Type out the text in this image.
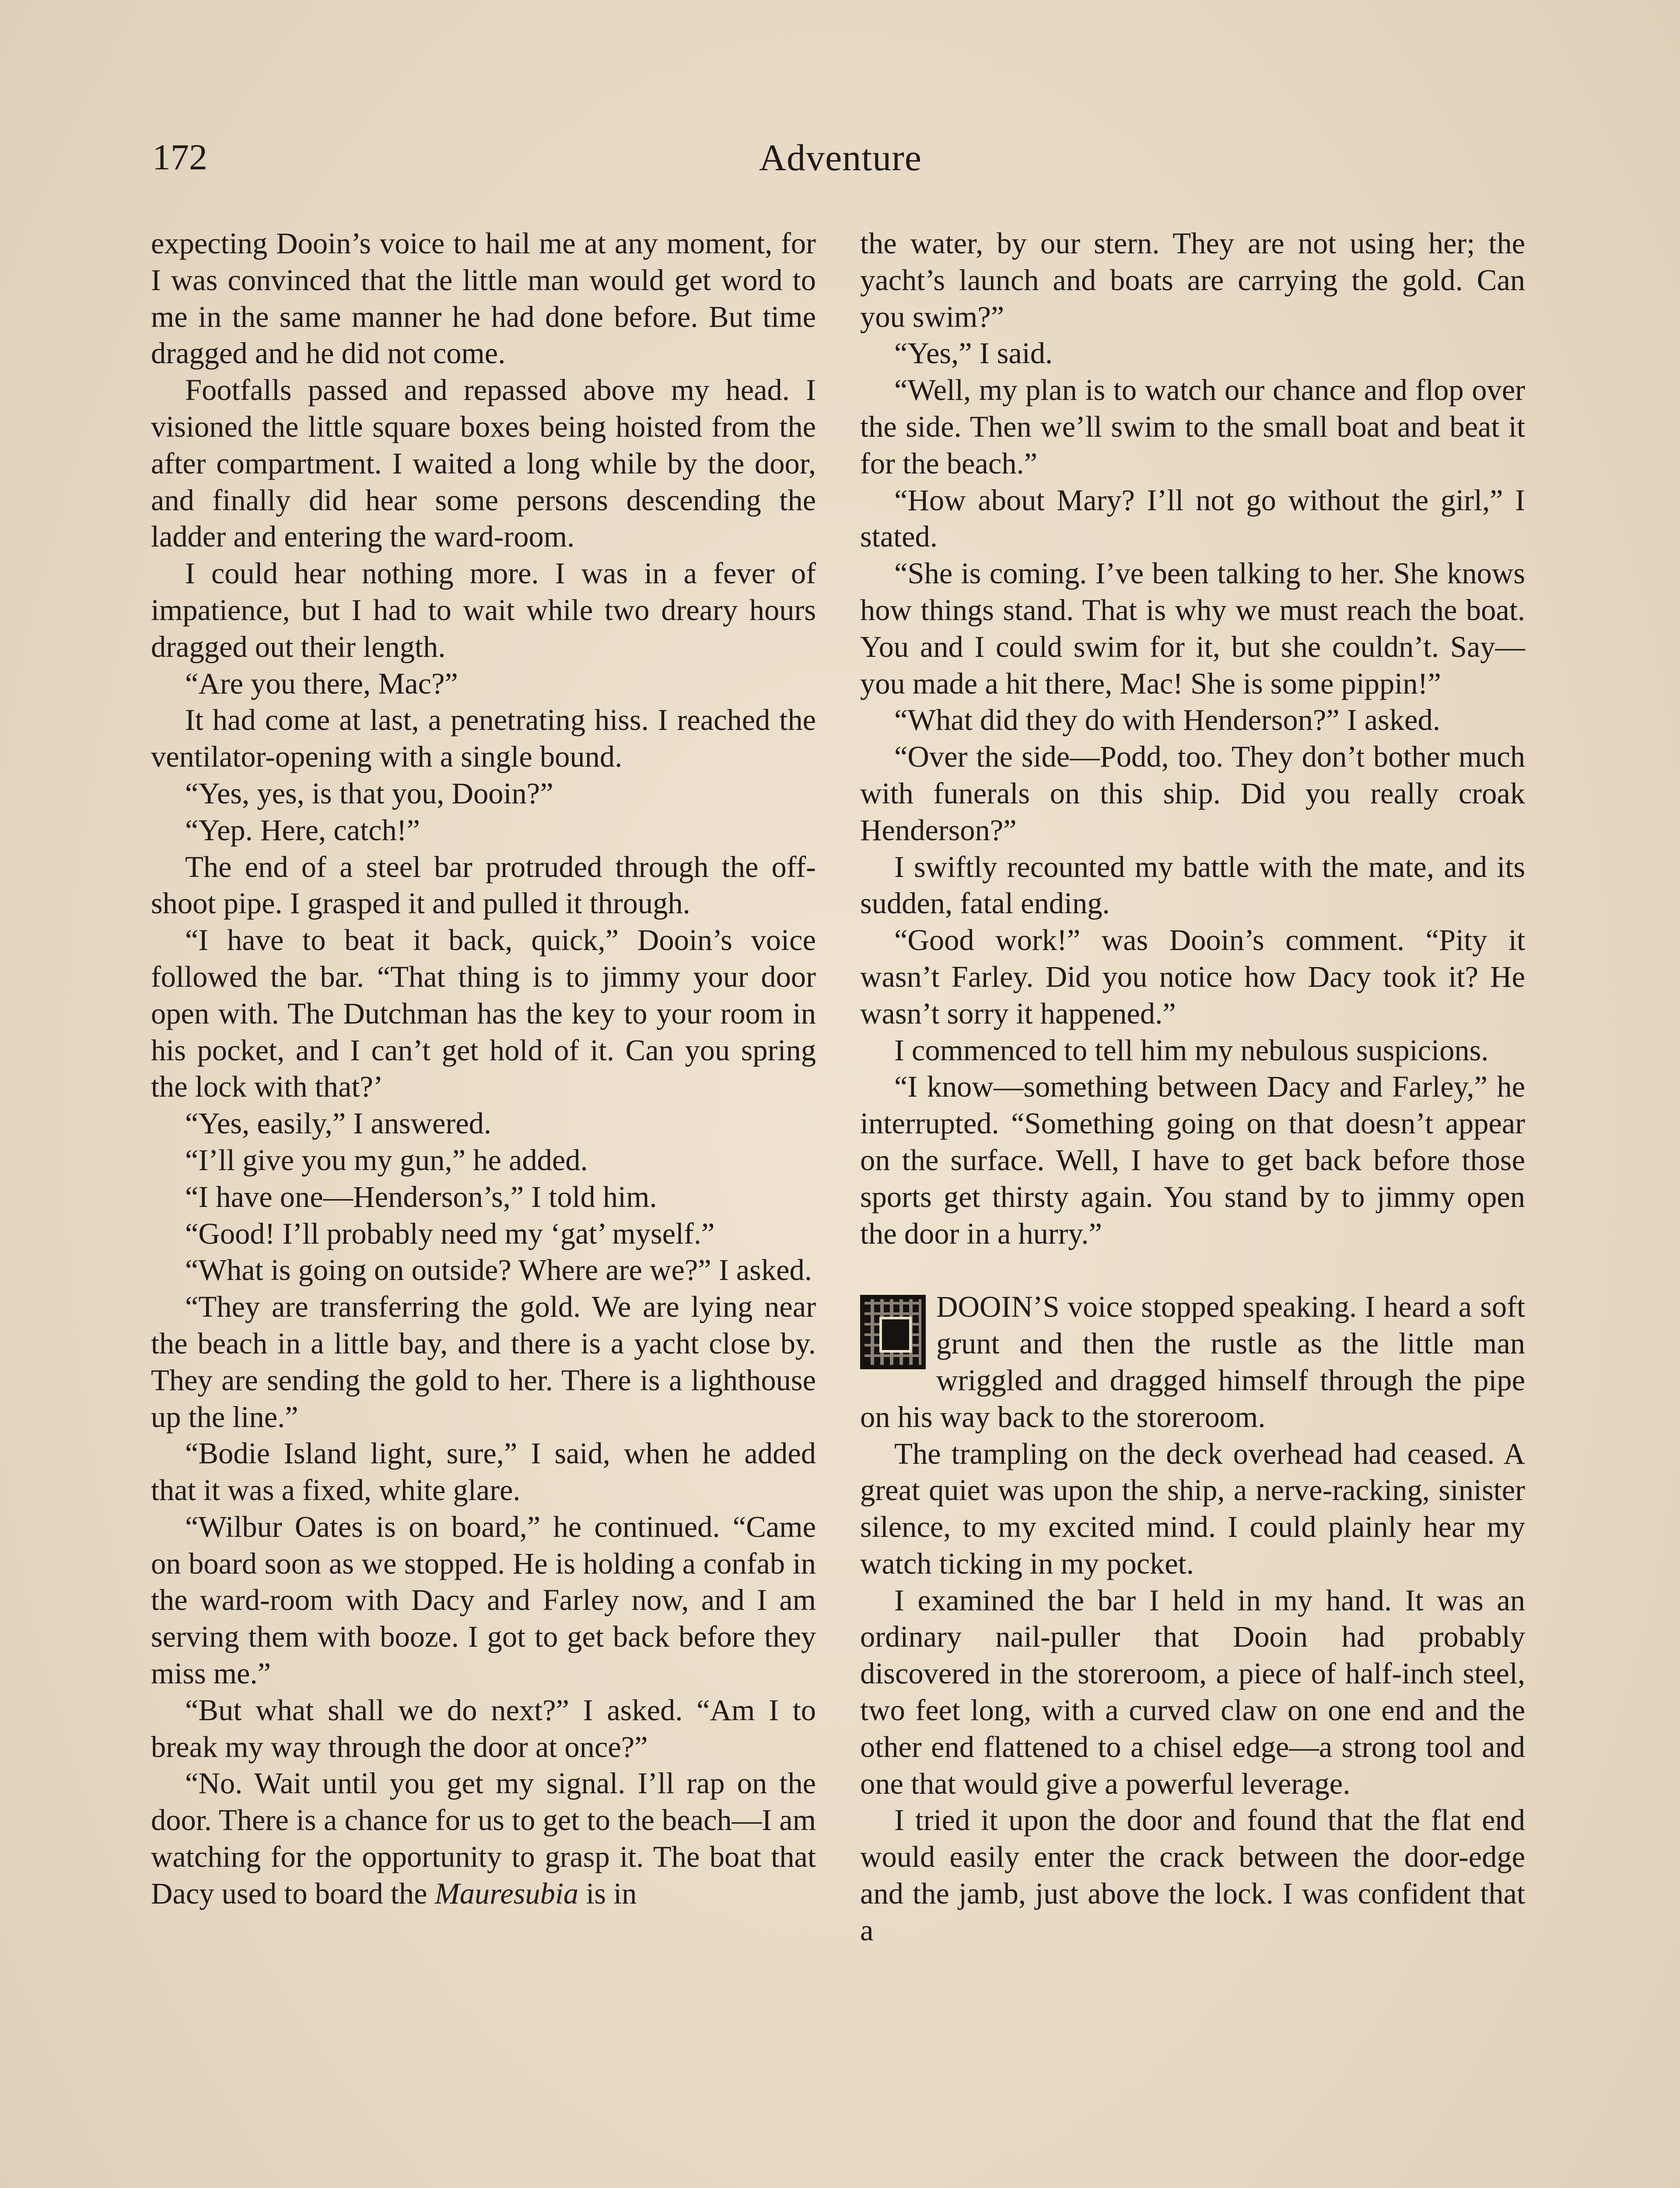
172	Adventure

expecting Dooin’s voice to hail me at any moment, for I was convinced that the little man would get word to me in the same manner he had done before. But time dragged and he did not come.

Footfalls passed and repassed above my head. I visioned the little square boxes being hoisted from the after compartment. I waited a long while by the door, and finally did hear some persons descending the ladder and entering the ward-room.

I could hear nothing more. I was in a fever of impatience, but I had to wait while two dreary hours dragged out their length.

“Are you there, Mac?”

It had come at last, a penetrating hiss. I reached the ventilator-opening with a single bound.

“Yes, yes, is that you, Dooin?”

“Yep. Here, catch!”

The end of a steel bar protruded through the off-shoot pipe. I grasped it and pulled it through.

“I have to beat it back, quick,” Dooin’s voice followed the bar. “That thing is to jimmy your door open with. The Dutchman has the key to your room in his pocket, and I can’t get hold of it. Can you spring the lock with that?’

“Yes, easily,” I answered.

“I’ll give you my gun,” he added.

“I have one—Henderson’s,” I told him.

“Good! I’ll probably need my ‘gat’ myself.”

“What is going on outside? Where are we?” I asked.

“They are transferring the gold. We are lying near the beach in a little bay, and there is a yacht close by. They are sending the gold to her. There is a lighthouse up the line.”

“Bodie Island light, sure,” I said, when he added that it was a fixed, white glare.

“Wilbur Oates is on board,” he continued. “Came on board soon as we stopped. He is holding a confab in the ward-room with Dacy and Farley now, and I am serving them with booze. I got to get back before they miss me.”

“But what shall we do next?” I asked. “Am I to break my way through the door at once?”

“No. Wait until you get my signal. I’ll rap on the door. There is a chance for us to get to the beach—I am watching for the opportunity to grasp it. The boat that Dacy used to board the Mauresubia is in

the water, by our stern. They are not using her; the yacht’s launch and boats are carrying the gold. Can you swim?”

“Yes,” I said.

“Well, my plan is to watch our chance and flop over the side. Then we’ll swim to the small boat and beat it for the beach.”

“How about Mary? I’ll not go without the girl,” I stated.

“She is coming. I’ve been talking to her. She knows how things stand. That is why we must reach the boat. You and I could swim for it, but she couldn’t. Say—you made a hit there, Mac! She is some pippin!”

“What did they do with Henderson?” I asked.

“Over the side—Podd, too. They don’t bother much with funerals on this ship. Did you really croak Henderson?”

I swiftly recounted my battle with the mate, and its sudden, fatal ending.

“Good work!” was Dooin’s comment. “Pity it wasn’t Farley. Did you notice how Dacy took it? He wasn’t sorry it happened.”

I commenced to tell him my nebulous suspicions.

“I know—something between Dacy and Farley,” he interrupted. “Something going on that doesn’t appear on the surface. Well, I have to get back before those sports get thirsty again. You stand by to jimmy open the door in a hurry.”

DOOIN’S voice stopped speaking. I heard a soft grunt and then the rustle as the little man wriggled and dragged himself through the pipe on his way back to the storeroom.

The trampling on the deck overhead had ceased. A great quiet was upon the ship, a nerve-racking, sinister silence, to my excited mind. I could plainly hear my watch ticking in my pocket.

I examined the bar I held in my hand. It was an ordinary nail-puller that Dooin had probably discovered in the storeroom, a piece of half-inch steel, two feet long, with a curved claw on one end and the other end flattened to a chisel edge—a strong tool and one that would give a powerful leverage.

I tried it upon the door and found that the flat end would easily enter the crack between the door-edge and the jamb, just above the lock. I was confident that a
